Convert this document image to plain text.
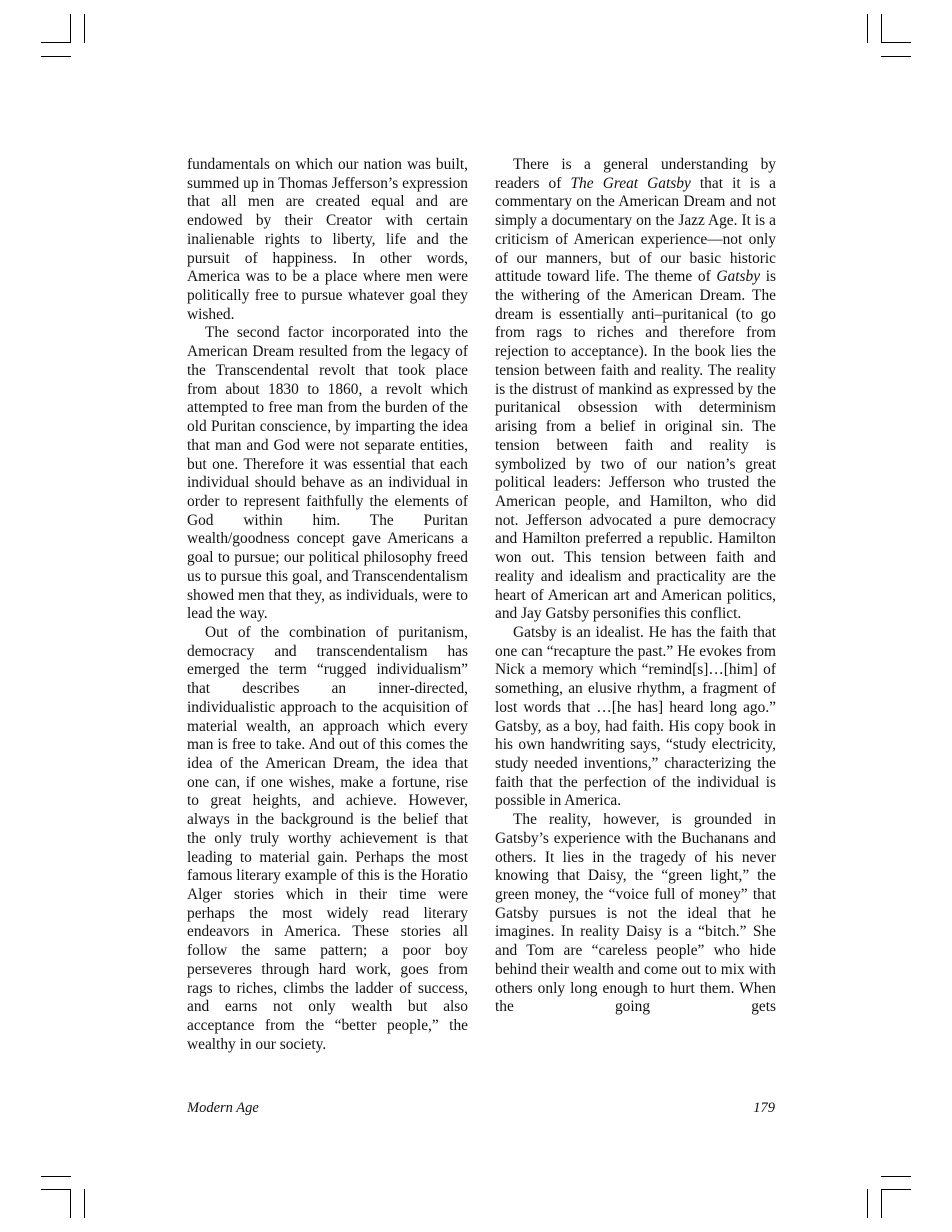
fundamentals on which our nation was built, summed up in Thomas Jefferson’s expression that all men are created equal and are endowed by their Creator with certain inalienable rights to liberty, life and the pursuit of happiness. In other words, America was to be a place where men were politically free to pursue whatever goal they wished.

The second factor incorporated into the American Dream resulted from the legacy of the Transcendental revolt that took place from about 1830 to 1860, a revolt which attempted to free man from the burden of the old Puritan conscience, by imparting the idea that man and God were not separate entities, but one. Therefore it was essential that each individual should behave as an individual in order to represent faithfully the elements of God within him. The Puritan wealth/goodness concept gave Americans a goal to pursue; our political philosophy freed us to pursue this goal, and Transcendentalism showed men that they, as individuals, were to lead the way.

Out of the combination of puritanism, democracy and transcendentalism has emerged the term “rugged individualism” that describes an inner-directed, individualistic approach to the acquisition of material wealth, an approach which every man is free to take. And out of this comes the idea of the American Dream, the idea that one can, if one wishes, make a fortune, rise to great heights, and achieve. However, always in the background is the belief that the only truly worthy achievement is that leading to material gain. Perhaps the most famous literary example of this is the Horatio Alger stories which in their time were perhaps the most widely read literary endeavors in America. These stories all follow the same pattern; a poor boy perseveres through hard work, goes from rags to riches, climbs the ladder of success, and earns not only wealth but also acceptance from the “better people,” the wealthy in our society.

There is a general understanding by readers of The Great Gatsby that it is a commentary on the American Dream and not simply a documentary on the Jazz Age. It is a criticism of American experience—not only of our manners, but of our basic historic attitude toward life. The theme of Gatsby is the withering of the American Dream. The dream is essentially anti–puritanical (to go from rags to riches and therefore from rejection to acceptance). In the book lies the tension between faith and reality. The reality is the distrust of mankind as expressed by the puritanical obsession with determinism arising from a belief in original sin. The tension between faith and reality is symbolized by two of our nation’s great political leaders: Jefferson who trusted the American people, and Hamilton, who did not. Jefferson advocated a pure democracy and Hamilton preferred a republic. Hamilton won out. This tension between faith and reality and idealism and practicality are the heart of American art and American politics, and Jay Gatsby personifies this conflict.

Gatsby is an idealist. He has the faith that one can “recapture the past.” He evokes from Nick a memory which “remind[s]…[him] of something, an elusive rhythm, a fragment of lost words that …[he has] heard long ago.” Gatsby, as a boy, had faith. His copy book in his own handwriting says, “study electricity, study needed inventions,” characterizing the faith that the perfection of the individual is possible in America.

The reality, however, is grounded in Gatsby’s experience with the Buchanans and others. It lies in the tragedy of his never knowing that Daisy, the “green light,” the green money, the “voice full of money” that Gatsby pursues is not the ideal that he imagines. In reality Daisy is a “bitch.” She and Tom are “careless people” who hide behind their wealth and come out to mix with others only long enough to hurt them. When the going gets

Modern Age	179
